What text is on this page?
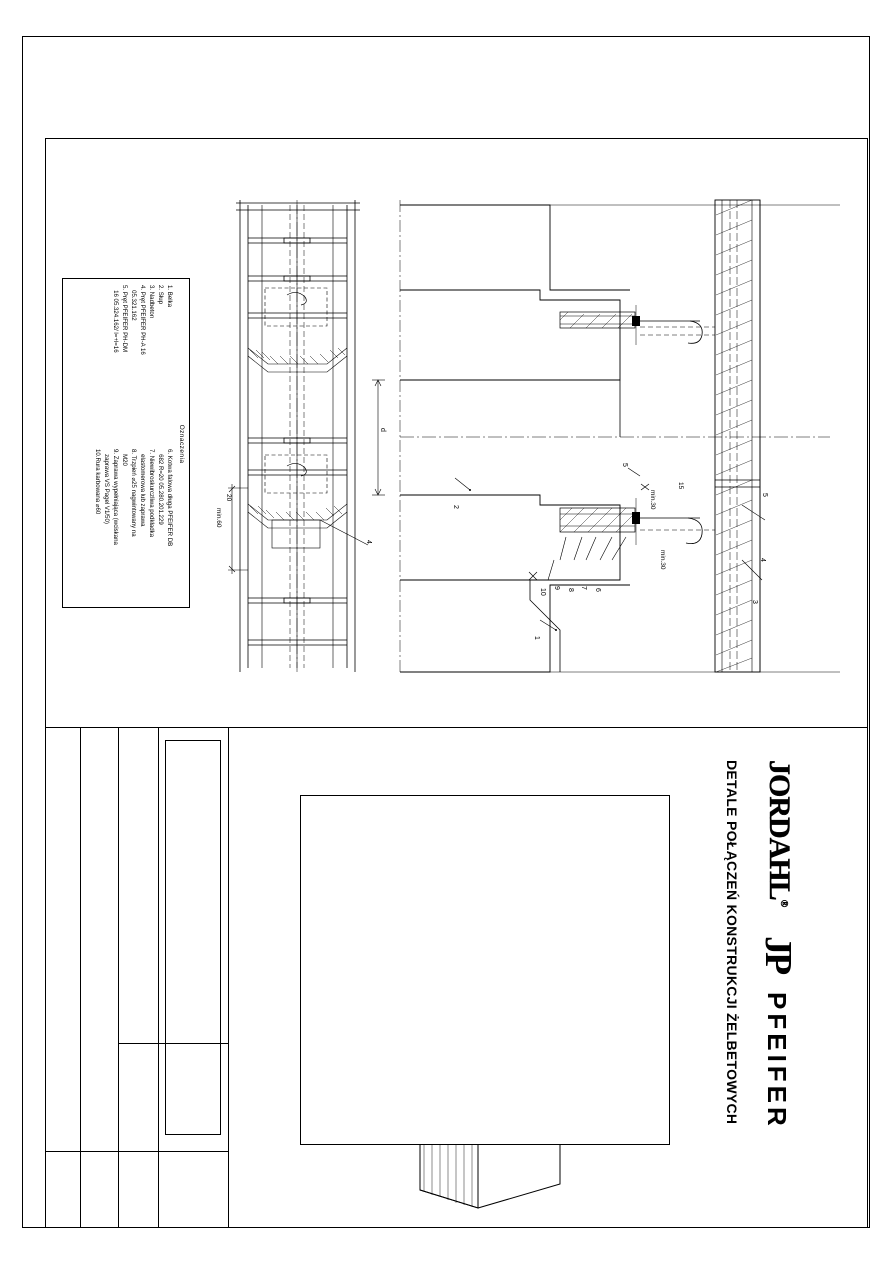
Oznaczenia
1. Belka
2. Słup
3. Nadbeton
4. Pręt PFEIFER PH-A 16
05.321.162
5. Pręt PFEIFER PH-DM
16 05.324.162/ l=+l=16
6. Kotwa falowa długa PFEIFER DB
682 R=20 05.280.201.229
7. Niewibroskurczliwa podkładka
elastomerowa lub zaprawa
8. Trzpień ⌀25 nagwintowany na
M20
9. Zaprawa wypełniająca (wciskana
zaprawa VS Pagel V1/50)
10.Rura karbowana ⌀60	20
min.60
4
d
2
5
5
4
3
1
6
7
8
9
10
min.30
min.30
15
DETALE POŁĄCZEŃ KONSTRUKCJI ŻELBETOWYCH JORDAHL®
JP
PFEIFER
